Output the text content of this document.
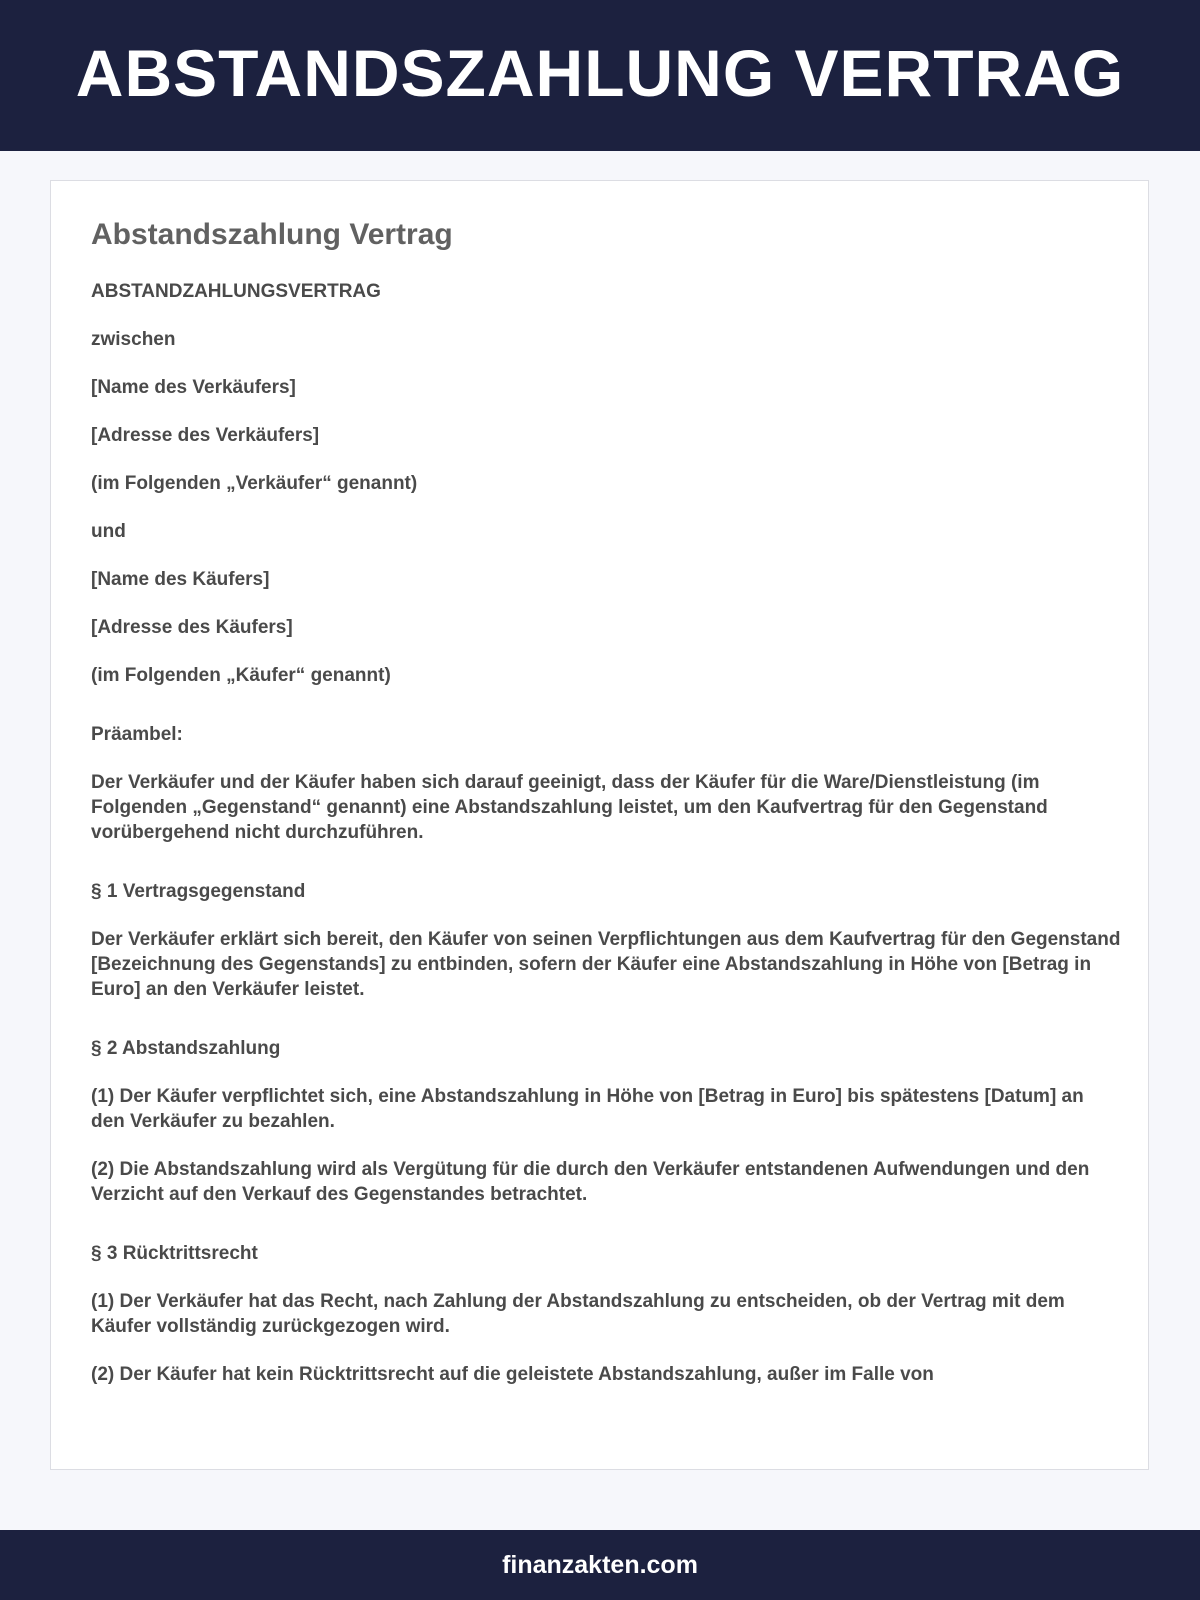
ABSTANDSZAHLUNG VERTRAG
Abstandszahlung Vertrag

ABSTANDZAHLUNGSVERTRAG

zwischen

[Name des Verkäufers]

[Adresse des Verkäufers]

(im Folgenden „Verkäufer“ genannt)

und

[Name des Käufers]

[Adresse des Käufers]

(im Folgenden „Käufer“ genannt)

Präambel:

Der Verkäufer und der Käufer haben sich darauf geeinigt, dass der Käufer für die Ware/Dienstleistung (im Folgenden „Gegenstand“ genannt) eine Abstandszahlung leistet, um den Kaufvertrag für den Gegenstand vorübergehend nicht durchzuführen.

§ 1 Vertragsgegenstand

Der Verkäufer erklärt sich bereit, den Käufer von seinen Verpflichtungen aus dem Kaufvertrag für den Gegenstand [Bezeichnung des Gegenstands] zu entbinden, sofern der Käufer eine Abstandszahlung in Höhe von [Betrag in Euro] an den Verkäufer leistet.

§ 2 Abstandszahlung

(1) Der Käufer verpflichtet sich, eine Abstandszahlung in Höhe von [Betrag in Euro] bis spätestens [Datum] an den Verkäufer zu bezahlen.

(2) Die Abstandszahlung wird als Vergütung für die durch den Verkäufer entstandenen Aufwendungen und den Verzicht auf den Verkauf des Gegenstandes betrachtet.

§ 3 Rücktrittsrecht

(1) Der Verkäufer hat das Recht, nach Zahlung der Abstandszahlung zu entscheiden, ob der Vertrag mit dem Käufer vollständig zurückgezogen wird.

(2) Der Käufer hat kein Rücktrittsrecht auf die geleistete Abstandszahlung, außer im Falle von

finanzakten.com
